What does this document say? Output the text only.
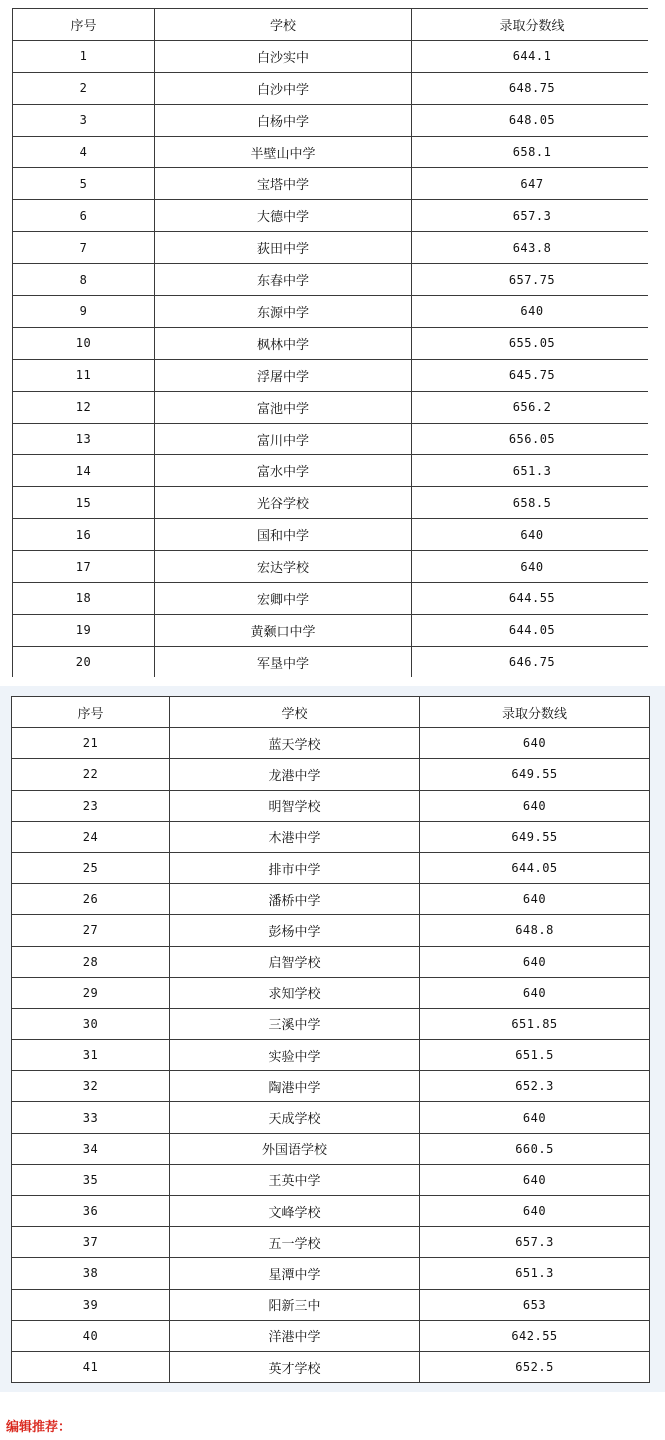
序号	学校	录取分数线
1	白沙实中	644.1
2	白沙中学	648.75
3	白杨中学	648.05
4	半壁山中学	658.1
5	宝塔中学	647
6	大德中学	657.3
7	荻田中学	643.8
8	东春中学	657.75
9	东源中学	640
10	枫林中学	655.05
11	浮屠中学	645.75
12	富池中学	656.2
13	富川中学	656.05
14	富水中学	651.3
15	光谷学校	658.5
16	国和中学	640
17	宏达学校	640
18	宏卿中学	644.55
19	黄颡口中学	644.05
20	军垦中学	646.75
序号	学校	录取分数线
21	蓝天学校	640
22	龙港中学	649.55
23	明智学校	640
24	木港中学	649.55
25	排市中学	644.05
26	潘桥中学	640
27	彭杨中学	648.8
28	启智学校	640
29	求知学校	640
30	三溪中学	651.85
31	实验中学	651.5
32	陶港中学	652.3
33	天成学校	640
34	外国语学校	660.5
35	王英中学	640
36	文峰学校	640
37	五一学校	657.3
38	星潭中学	651.3
39	阳新三中	653
40	洋港中学	642.55
41	英才学校	652.5
编辑推荐：
